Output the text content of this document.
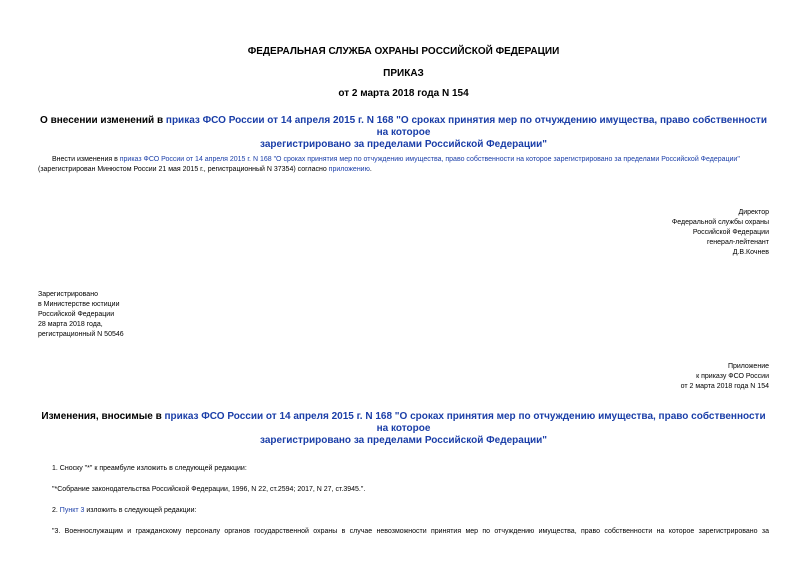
ФЕДЕРАЛЬНАЯ СЛУЖБА ОХРАНЫ РОССИЙСКОЙ ФЕДЕРАЦИИ
ПРИКАЗ
от 2 марта 2018 года N 154
О внесении изменений в приказ ФСО России от 14 апреля 2015 г. N 168 "О сроках принятия мер по отчуждению имущества, право собственности на которое
зарегистрировано за пределами Российской Федерации"
Внести изменения в приказ ФСО России от 14 апреля 2015 г. N 168 "О сроках принятия мер по отчуждению имущества, право собственности на которое зарегистрировано за пределами Российской Федерации" (зарегистрирован Минюстом России 21 мая 2015 г., регистрационный N 37354) согласно приложению.
Директор
Федеральной службы охраны
Российской Федерации
генерал-лейтенант
Д.В.Кочнев
Зарегистрировано
в Министерстве юстиции
Российской Федерации
28 марта 2018 года,
регистрационный N 50546
Приложение
к приказу ФСО России
от 2 марта 2018 года N 154
Изменения, вносимые в приказ ФСО России от 14 апреля 2015 г. N 168 "О сроках принятия мер по отчуждению имущества, право собственности на которое
зарегистрировано за пределами Российской Федерации"
1. Сноску "*" к преамбуле изложить в следующей редакции:
"*Собрание законодательства Российской Федерации, 1996, N 22, ст.2594; 2017, N 27, ст.3945.".
2. Пункт 3 изложить в следующей редакции:
"3. Военнослужащим и гражданскому персоналу органов государственной охраны в случае невозможности принятия мер по отчуждению имущества, право собственности на которое зарегистрировано за
